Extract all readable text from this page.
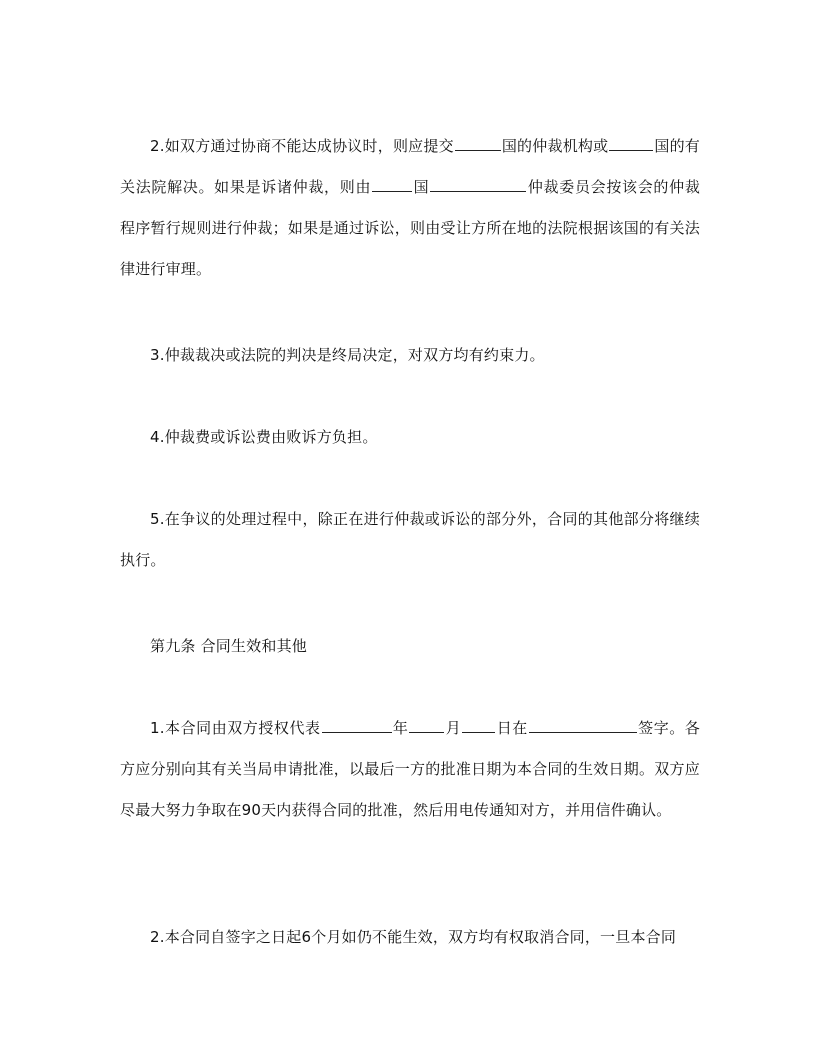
2.如双方通过协商不能达成协议时，则应提交	国的仲裁机构或	国的有关法院解决。如果是诉诸仲裁，则由	国	仲裁委员会按该会的仲裁程序暂行规则进行仲裁；如果是通过诉讼，则由受让方所在地的法院根据该国的有关法律进行审理。

3.仲裁裁决或法院的判决是终局决定，对双方均有约束力。

4.仲裁费或诉讼费由败诉方负担。

5.在争议的处理过程中，除正在进行仲裁或诉讼的部分外，合同的其他部分将继续执行。

第九条 合同生效和其他

1.本合同由双方授权代表	年 月 日在	签字。各方应分别向其有关当局申请批准，以最后一方的批准日期为本合同的生效日期。双方应尽最大努力争取在90天内获得合同的批准，然后用电传通知对方，并用信件确认。

2.本合同自签字之日起6个月如仍不能生效，双方均有权取消合同，一旦本合同
